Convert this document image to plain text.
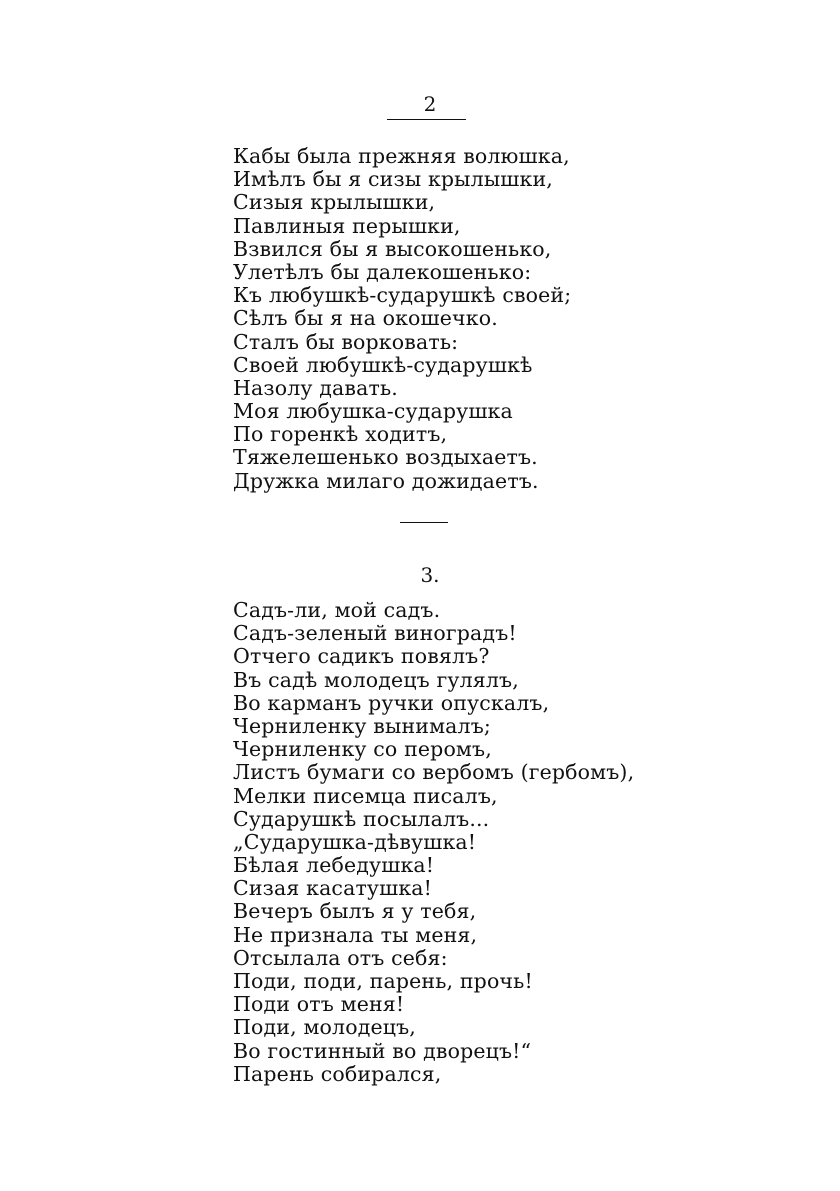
2
Кабы была прежняя волюшка,
Имѣлъ бы я сизы крылышки,
Сизыя крылышки,
Павлиныя перышки,
Взвился бы я высокошенько,
Улетѣлъ бы далекошенько:
Къ любушкѣ-сударушкѣ своей;
Сѣлъ бы я на окошечко.
Сталъ бы ворковать:
Своей любушкѣ-сударушкѣ
Назолу давать.
Моя любушка-сударушка
По горенкѣ ходитъ,
Тяжелешенько воздыхаетъ.
Дружка милаго дожидаетъ.
3.
Садъ-ли, мой садъ.
Садъ-зеленый виноградъ!
Отчего садикъ повялъ?
Въ садѣ молодецъ гулялъ,
Во карманъ ручки опускалъ,
Черниленку вынималъ;
Черниленку со перомъ,
Листъ бумаги со вербомъ (гербомъ),
Мелки писемца писалъ,
Сударушкѣ посылалъ...
„Сударушка-дѣвушка!
Бѣлая лебедушка!
Сизая касатушка!
Вечеръ былъ я у тебя,
Не признала ты меня,
Отсылала отъ себя:
Поди, поди, парень, прочь!
Поди отъ меня!
Поди, молодецъ,
Во гостинный во дворецъ!“
Парень собирался,
